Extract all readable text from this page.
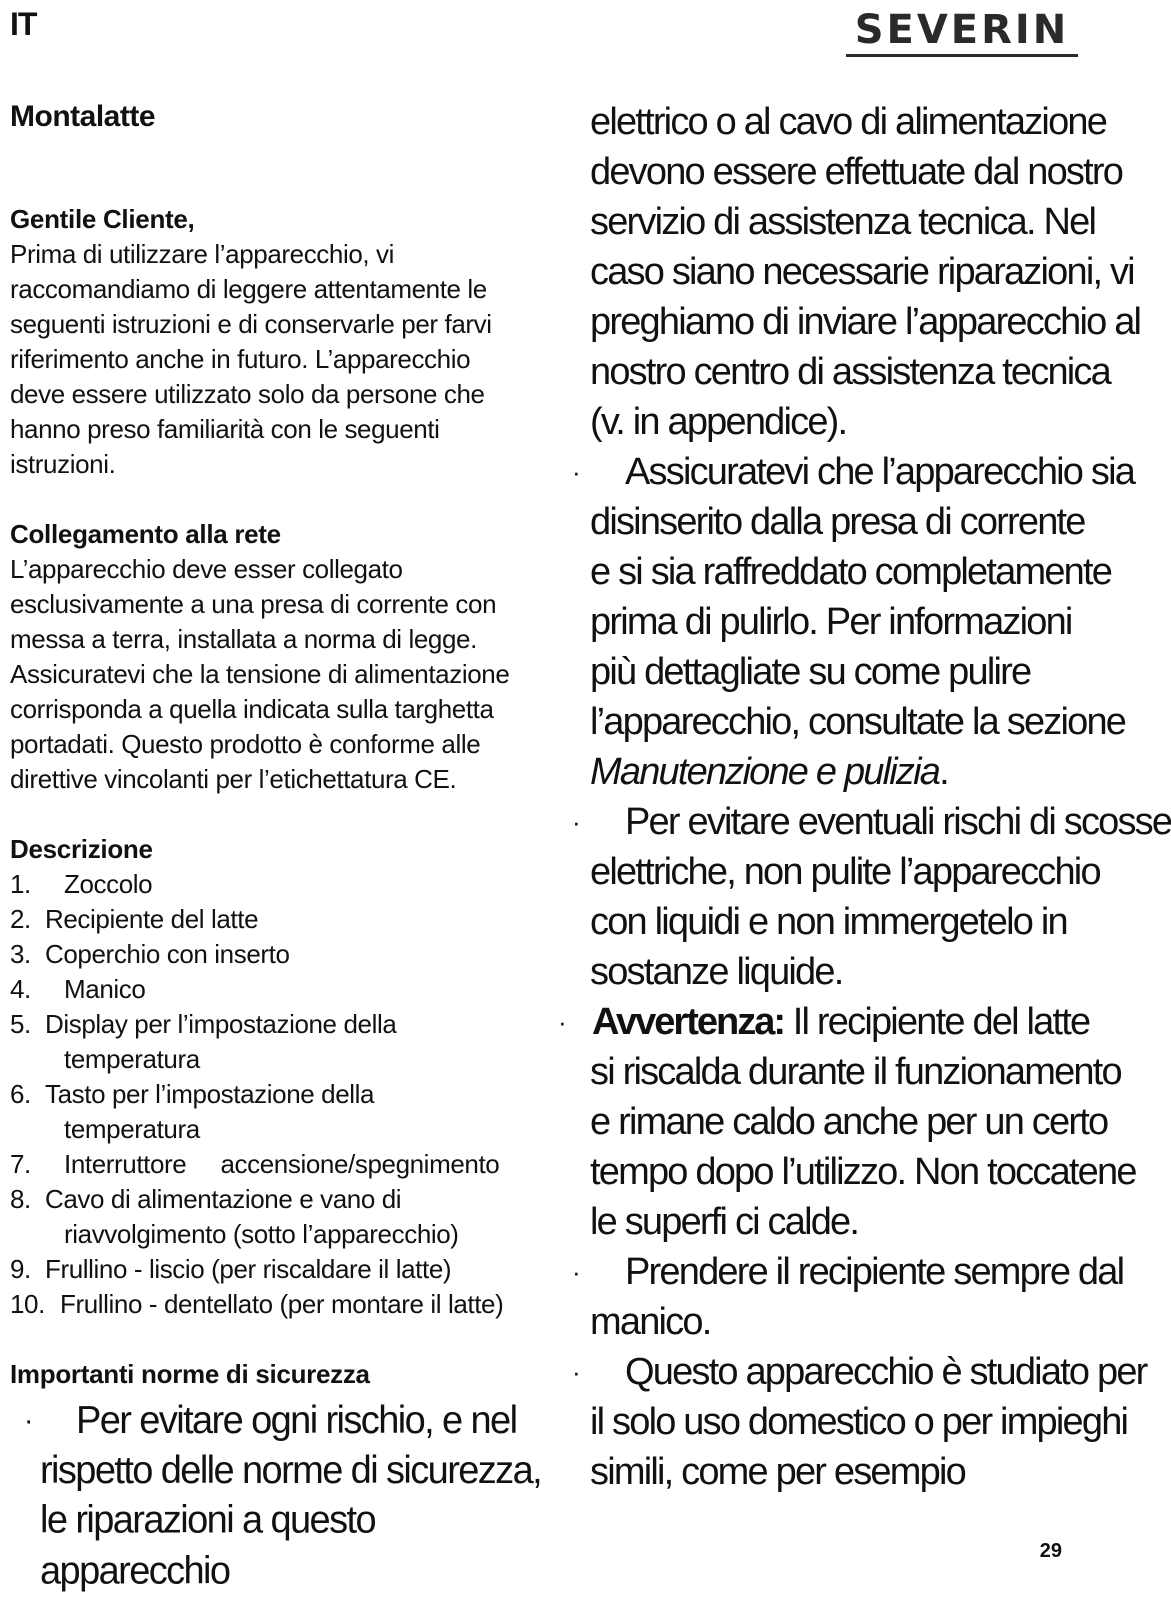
IT	SEVERIN

Montalatte

Gentile Cliente,

Prima di utilizzare l’apparecchio, vi
raccomandiamo di leggere attentamente le
seguenti istruzioni e di conservarle per farvi
riferimento anche in futuro. L’apparecchio
deve essere utilizzato solo da persone che
hanno preso familiarità con le seguenti
istruzioni.

Collegamento alla rete

L’apparecchio deve esser collegato
esclusivamente a una presa di corrente con
messa a terra, installata a norma di legge.
Assicuratevi che la tensione di alimentazione
corrisponda a quella indicata sulla targhetta
portadati. Questo prodotto è conforme alle
direttive vincolanti per l’etichettatura CE.

Descrizione

1.	Zoccolo
2. Recipiente del latte
3. Coperchio con inserto
4.	Manico
5. Display per l’impostazione della
temperatura
6. Tasto per l’impostazione della
temperatura
7.	Interruttore     accensione/spegnimento
8. Cavo di alimentazione e vano di
riavvolgimento (sotto l’apparecchio)
9. Frullino - liscio (per riscaldare il latte)
10. Frullino - dentellato (per montare il latte)

Importanti norme di sicurezza

· Per evitare ogni rischio, e nel
rispetto delle norme di sicurezza,
le riparazioni a questo apparecchio
elettrico o al cavo di alimentazione
devono essere effettuate dal nostro
servizio di assistenza tecnica. Nel
caso siano necessarie riparazioni, vi
preghiamo di inviare l’apparecchio al
nostro centro di assistenza tecnica
(v. in appendice).
· Assicuratevi che l’apparecchio sia
disinserito dalla presa di corrente
e si sia raffreddato completamente
prima di pulirlo. Per informazioni
più dettagliate su come pulire
l’apparecchio, consultate la sezione
Manutenzione e pulizia.
· Per evitare eventuali rischi di scosse
elettriche, non pulite l’apparecchio
con liquidi e non immergetelo in
sostanze liquide.
· Avvertenza: Il recipiente del latte
si riscalda durante il funzionamento
e rimane caldo anche per un certo
tempo dopo l’utilizzo. Non toccatene
le superfi ci calde.
· Prendere il recipiente sempre dal
manico.
· Questo apparecchio è studiato per
il solo uso domestico o per impieghi
simili, come per esempio
29
